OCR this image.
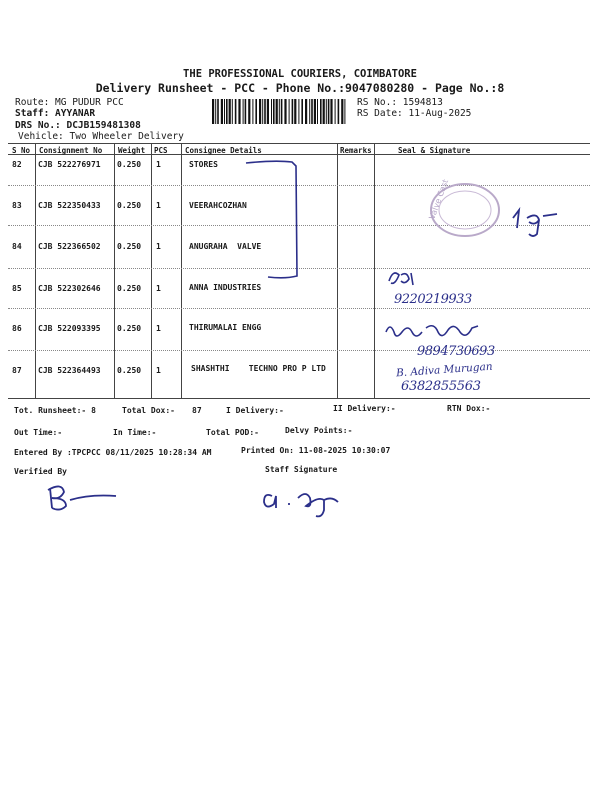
THE PROFESSIONAL COURIERS, COIMBATORE
Delivery Runsheet - PCC - Phone No.:9047080280 - Page No.:8
Route: MG PUDUR PCC
Staff: AYYANAR
DRS No.: DCJB159481308
Vehicle: Two Wheeler Delivery
RS No.: 1594813
RS Date: 11-Aug-2025
S No Consignment No Weight PCS Consignee Details	Remarks	Seal & Signature
82 CJB 522276971 0.250 1	STORES
83 CJB 522350433 0.250 1	VEERAHCOZHAN
84 CJB 522366502 0.250 1	ANUGRAHA  VALVE
85 CJB 522302646 0.250 1	ANNA INDUSTRIES
86 CJB 522093395 0.250 1	THIRUMALAI ENGG
87 CJB 522364493 0.250 1	SHASHTHI    TECHNO PRO P LTD
Valve Cast
9220219933
9894730693
B. Adiva Murugan
6382855563
Tot. Runsheet:- 8	Total Dox:- 87	I Delivery:-	II Delivery:-	RTN Dox:-
Out Time:-	In Time:-	Total POD:-	Delvy Points:-
Entered By :TPCPCC 08/11/2025 10:28:34 AM	Printed On: 11-08-2025 10:30:07
Verified By	Staff Signature
